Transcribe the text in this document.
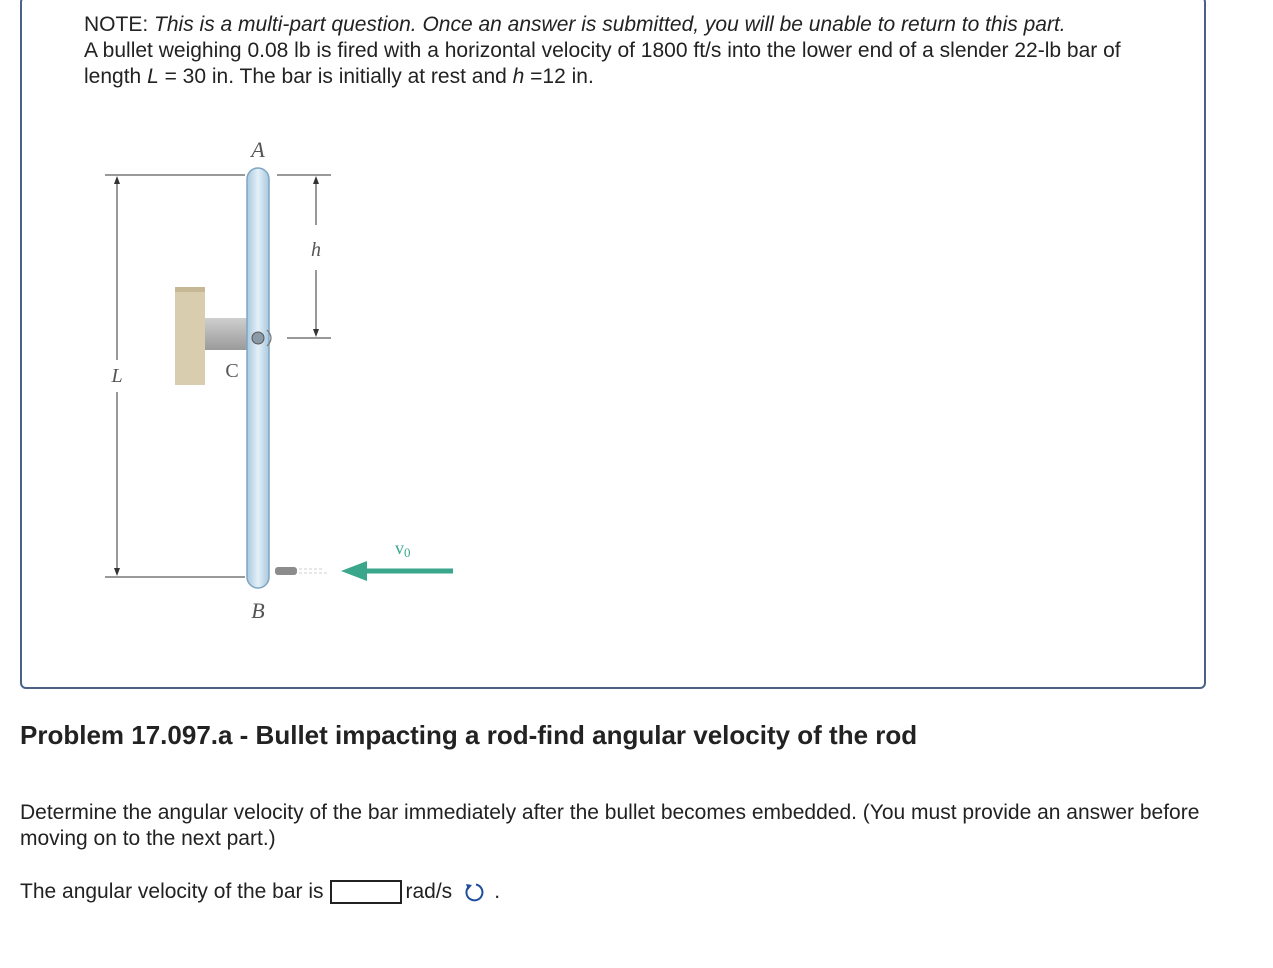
NOTE: This is a multi-part question. Once an answer is submitted, you will be unable to return to this part.

A bullet weighing 0.08 lb is fired with a horizontal velocity of 1800 ft/s into the lower end of a slender 22-lb bar of length L = 30 in. The bar is initially at rest and h =12 in.

L
h
A
B
C
v0
Problem 17.097.a - Bullet impacting a rod-find angular velocity of the rod
Determine the angular velocity of the bar immediately after the bullet becomes embedded. (You must provide an answer before moving on to the next part.)
The angular velocity of the bar is	rad/s .
